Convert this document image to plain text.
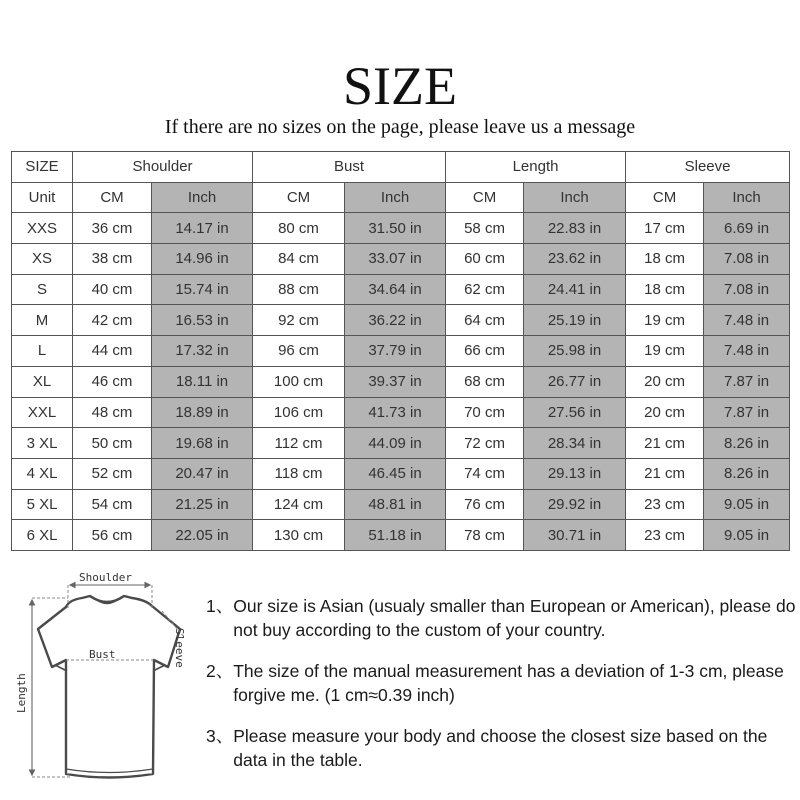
SIZE
If there are no sizes on the page, please leave us a message
SIZE	Shoulder		Bust		Length		Sleeve	
Unit	CM	Inch	CM	Inch	CM	Inch	CM	Inch
XXS	36 cm	14.17 in	80 cm	31.50 in	58 cm	22.83 in	17 cm	6.69 in
XS	38 cm	14.96 in	84 cm	33.07 in	60 cm	23.62 in	18 cm	7.08 in
S	40 cm	15.74 in	88 cm	34.64 in	62 cm	24.41 in	18 cm	7.08 in
M	42 cm	16.53 in	92 cm	36.22 in	64 cm	25.19 in	19 cm	7.48 in
L	44 cm	17.32 in	96 cm	37.79 in	66 cm	25.98 in	19 cm	7.48 in
XL	46 cm	18.11 in	100 cm	39.37 in	68 cm	26.77 in	20 cm	7.87 in
XXL	48 cm	18.89 in	106 cm	41.73 in	70 cm	27.56 in	20 cm	7.87 in
3 XL	50 cm	19.68 in	112 cm	44.09 in	72 cm	28.34 in	21 cm	8.26 in
4 XL	52 cm	20.47 in	118 cm	46.45 in	74 cm	29.13 in	21 cm	8.26 in
5 XL	54 cm	21.25 in	124 cm	48.81 in	76 cm	29.92 in	23 cm	9.05 in
6 XL	56 cm	22.05 in	130 cm	51.18 in	78 cm	30.71 in	23 cm	9.05 in
Shoulder
Bust	Sleeve
Length
1、 Our size is Asian (usualy smaller than European or American), please do not buy according to the custom of your country.
2、 The size of the manual measurement has a deviation of 1-3 cm, please forgive me. (1 cm≈0.39 inch)
3、 Please measure your body and choose the closest size based on the data in the table.
